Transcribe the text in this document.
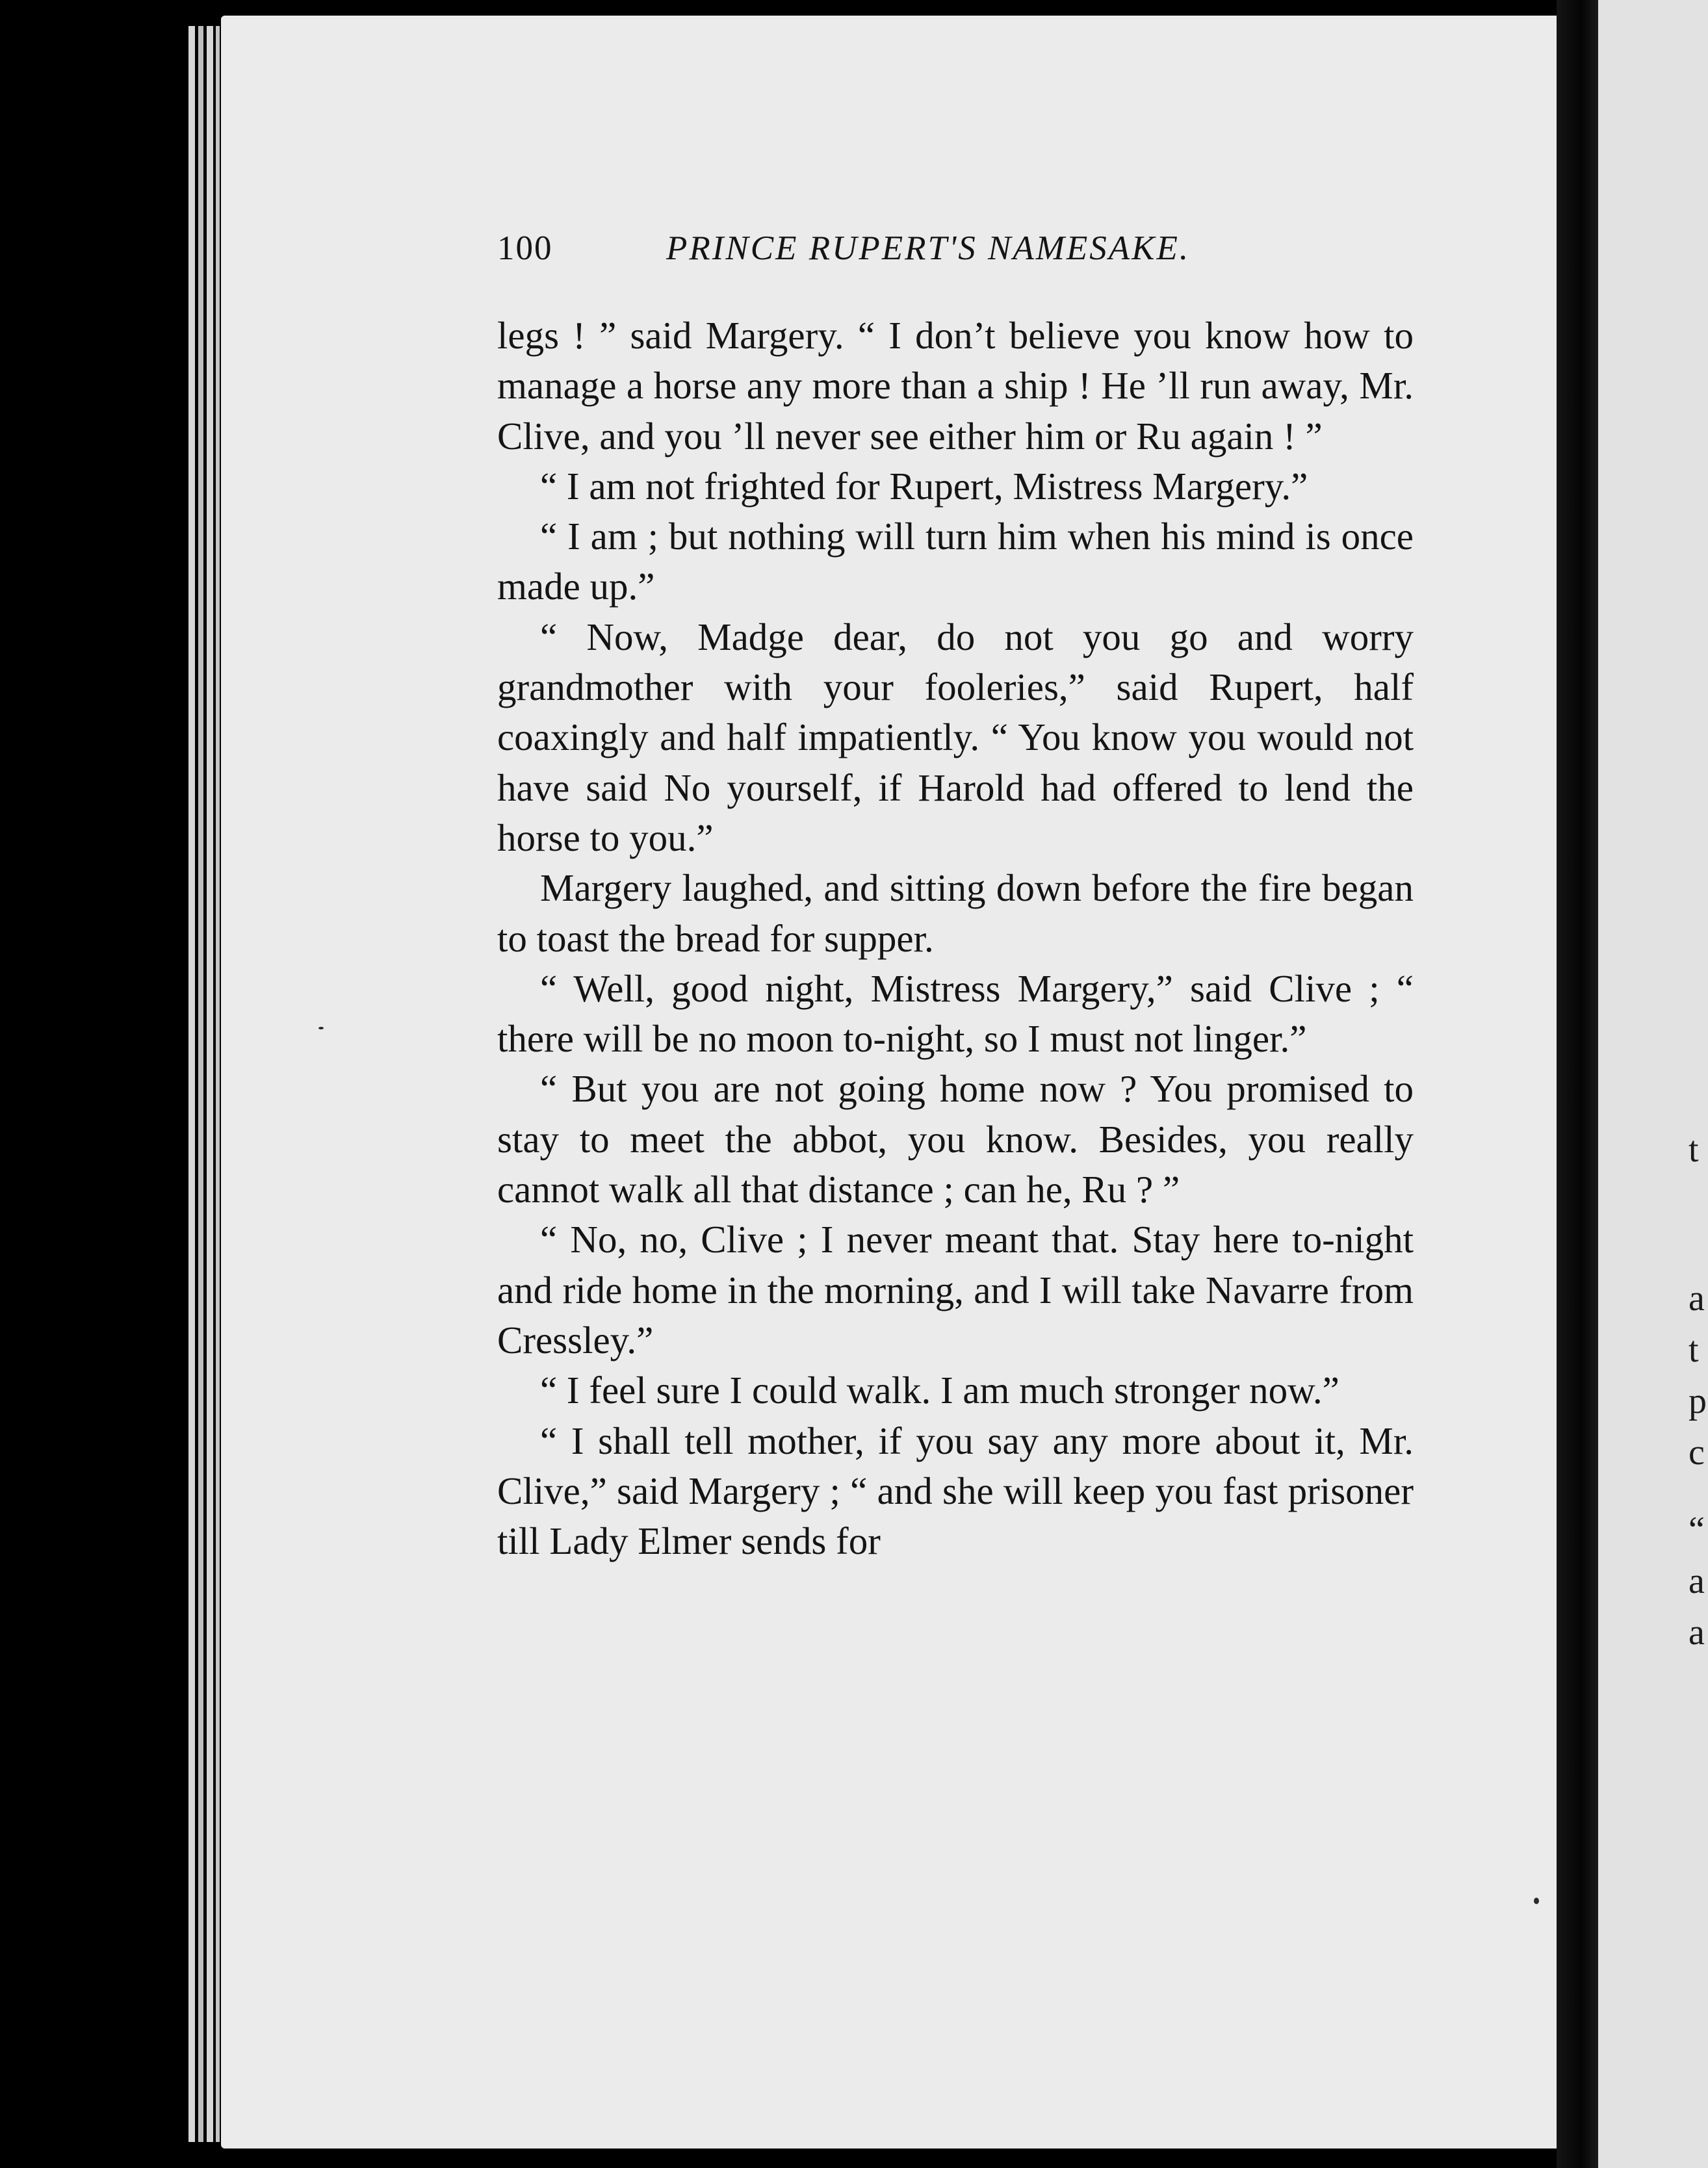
100	PRINCE RUPERT'S NAMESAKE.

legs ! ” said Margery. “ I don’t believe you know how to manage a horse any more than a ship ! He ’ll run away, Mr. Clive, and you ’ll never see either him or Ru again ! ”

“ I am not frighted for Rupert, Mistress Margery.”

“ I am ; but nothing will turn him when his mind is once made up.”

“ Now, Madge dear, do not you go and worry grandmother with your fooleries,” said Rupert, half coaxingly and half impatiently. “ You know you would not have said No yourself, if Harold had offered to lend the horse to you.”

Margery laughed, and sitting down before the fire began to toast the bread for supper.

“ Well, good night, Mistress Margery,” said Clive ; “ there will be no moon to-night, so I must not linger.”

“ But you are not going home now ? You promised to stay to meet the abbot, you know. Besides, you really cannot walk all that distance ; can he, Ru ? ”

“ No, no, Clive ; I never meant that. Stay here to-night and ride home in the morning, and I will take Navarre from Cressley.”

“ I feel sure I could walk. I am much stronger now.”

“ I shall tell mother, if you say any more about it, Mr. Clive,” said Margery ; “ and she will keep you fast prisoner till Lady Elmer sends for

t
a
t
p
c
“
a
a
